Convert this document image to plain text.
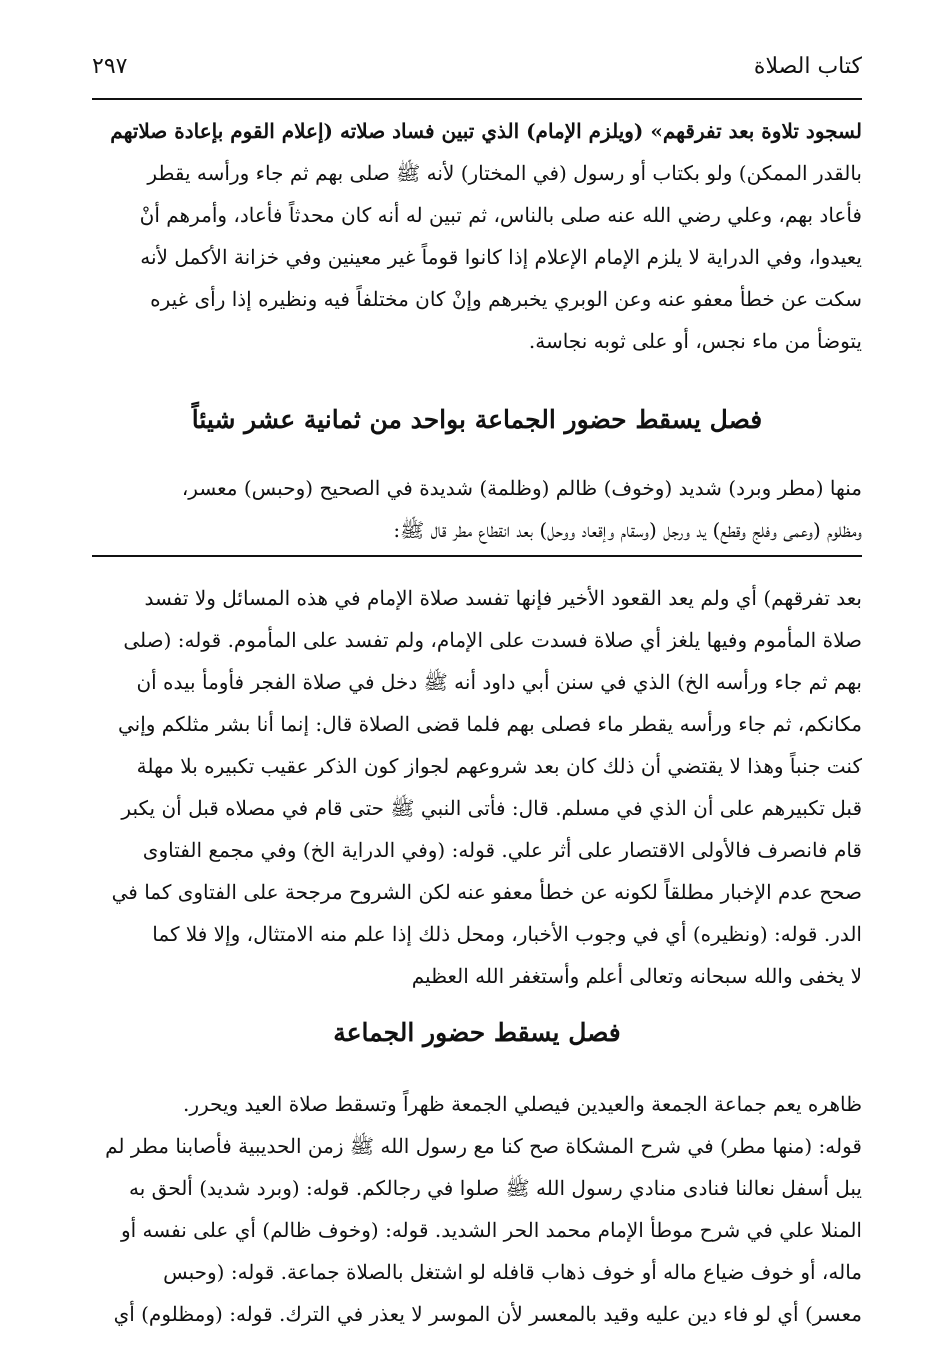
كتاب الصلاة
٢٩٧

لسجود تلاوة بعد تفرقهم» (ويلزم الإمام) الذي تبين فساد صلاته (إعلام القوم بإعادة صلاتهم

بالقدر الممكن) ولو بكتاب أو رسول (في المختار) لأنه ﷺ صلى بهم ثم جاء ورأسه يقطر

فأعاد بهم، وعلي رضي الله عنه صلى بالناس، ثم تبين له أنه كان محدثاً فأعاد، وأمرهم أنْ

يعيدوا، وفي الدراية لا يلزم الإمام الإعلام إذا كانوا قوماً غير معينين وفي خزانة الأكمل لأنه

سكت عن خطأ معفو عنه وعن الوبري يخبرهم وإنْ كان مختلفاً فيه ونظيره إذا رأى غيره

يتوضأ من ماء نجس، أو على ثوبه نجاسة.

فصل يسقط حضور الجماعة بواحد من ثمانية عشر شيئاً

منها (مطر وبرد) شديد (وخوف) ظالم (وظلمة) شديدة في الصحيح (وحبس) معسر،

ومظلوم (وعمى وفلج وقطع) يد ورجل (وسقام وإقعاد ووحل) بعد انقطاع مطر قال ﷺ:

بعد تفرقهم) أي ولم يعد القعود الأخير فإنها تفسد صلاة الإمام في هذه المسائل ولا تفسد

صلاة المأموم وفيها يلغز أي صلاة فسدت على الإمام، ولم تفسد على المأموم. قوله: (صلى

بهم ثم جاء ورأسه الخ) الذي في سنن أبي داود أنه ﷺ دخل في صلاة الفجر فأومأ بيده أن

مكانكم، ثم جاء ورأسه يقطر ماء فصلى بهم فلما قضى الصلاة قال: إنما أنا بشر مثلكم وإني

كنت جنباً وهذا لا يقتضي أن ذلك كان بعد شروعهم لجواز كون الذكر عقيب تكبيره بلا مهلة

قبل تكبيرهم على أن الذي في مسلم. قال: فأتى النبي ﷺ حتى قام في مصلاه قبل أن يكبر

قام فانصرف فالأولى الاقتصار على أثر علي. قوله: (وفي الدراية الخ) وفي مجمع الفتاوى

صحح عدم الإخبار مطلقاً لكونه عن خطأ معفو عنه لكن الشروح مرجحة على الفتاوى كما في

الدر. قوله: (ونظيره) أي في وجوب الأخبار، ومحل ذلك إذا علم منه الامتثال، وإلا فلا كما

لا يخفى والله سبحانه وتعالى أعلم وأستغفر الله العظيم

فصل يسقط حضور الجماعة

ظاهره يعم جماعة الجمعة والعيدين فيصلي الجمعة ظهراً وتسقط صلاة العيد ويحرر.

قوله: (منها مطر) في شرح المشكاة صح كنا مع رسول الله ﷺ زمن الحديبية فأصابنا مطر لم

يبل أسفل نعالنا فنادى منادي رسول الله ﷺ صلوا في رجالكم. قوله: (وبرد شديد) ألحق به

المنلا علي في شرح موطأ الإمام محمد الحر الشديد. قوله: (وخوف ظالم) أي على نفسه أو

ماله، أو خوف ضياع ماله أو خوف ذهاب قافله لو اشتغل بالصلاة جماعة. قوله: (وحبس

معسر) أي لو فاء دين عليه وقيد بالمعسر لأن الموسر لا يعذر في الترك. قوله: (ومظلوم) أي
